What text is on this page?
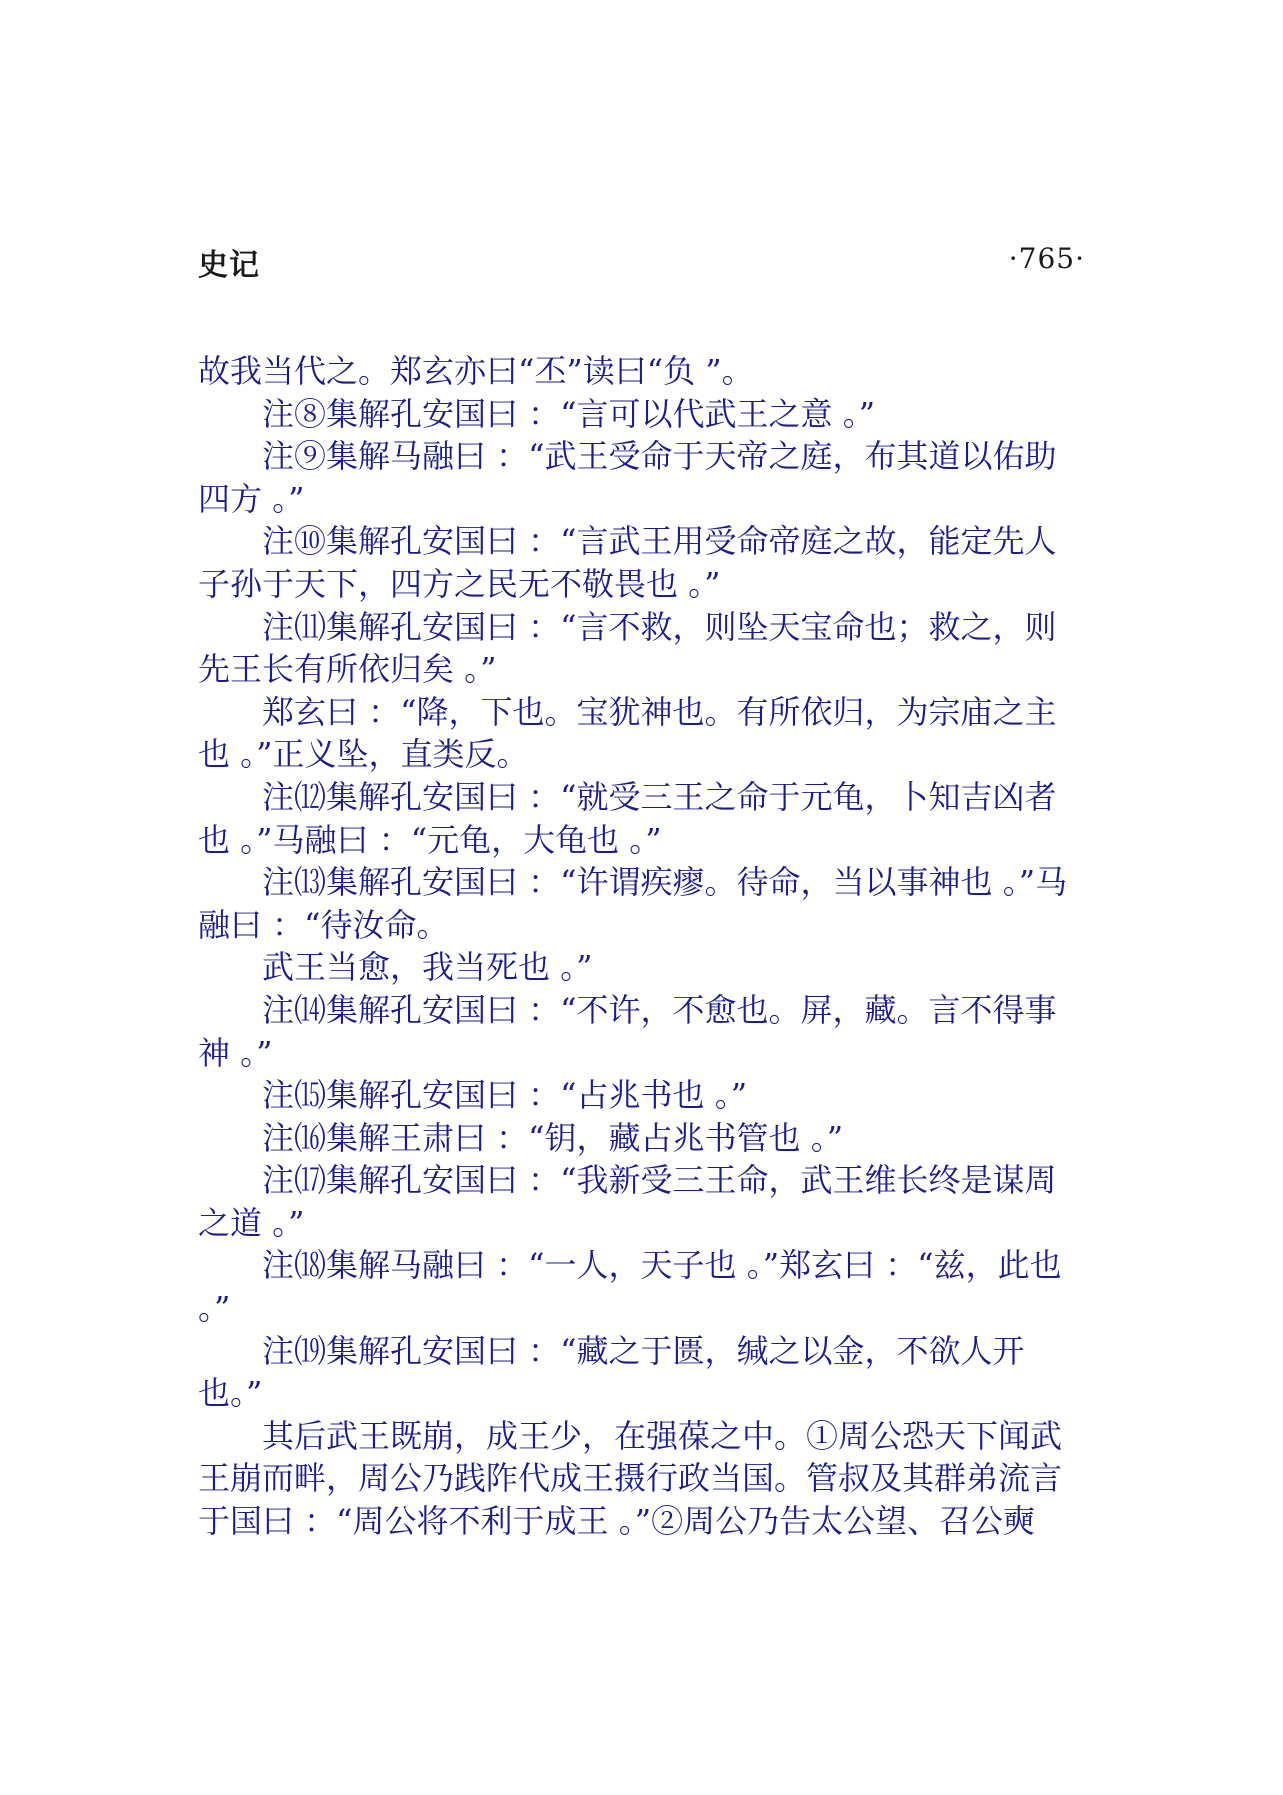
史记	·765·

故我当代之。郑玄亦曰“丕”读曰“负 ”。

注⑧集解孔安国曰 ：“言可以代武王之意 。”

注⑨集解马融曰 ：“武王受命于天帝之庭，布其道以佑助四方 。”

注⑩集解孔安国曰 ：“言武王用受命帝庭之故，能定先人子孙于天下，四方之民无不敬畏也 。”

注⑾集解孔安国曰 ：“言不救，则坠天宝命也；救之，则先王长有所依归矣 。”

郑玄曰 ：“降，下也。宝犹神也。有所依归，为宗庙之主也 。”正义坠，直类反。

注⑿集解孔安国曰 ：“就受三王之命于元龟，卜知吉凶者也 。”马融曰 ：“元龟，大龟也 。”

注⒀集解孔安国曰 ：“许谓疾瘳。待命，当以事神也 。”马融曰 ：“待汝命。

武王当愈，我当死也 。”

注⒁集解孔安国曰 ：“不许，不愈也。屏，藏。言不得事神 。”

注⒂集解孔安国曰 ：“占兆书也 。”

注⒃集解王肃曰 ：“钥，藏占兆书管也 。”

注⒄集解孔安国曰 ：“我新受三王命，武王维长终是谋周之道 。”

注⒅集解马融曰 ：“一人，天子也 。”郑玄曰 ：“兹，此也 。”

注⒆集解孔安国曰 ：“藏之于匮，缄之以金，不欲人开也。”

其后武王既崩，成王少，在强葆之中。①周公恐天下闻武王崩而畔，周公乃践阼代成王摄行政当国。管叔及其群弟流言于国曰 ：“周公将不利于成王 。”②周公乃告太公望、召公奭
